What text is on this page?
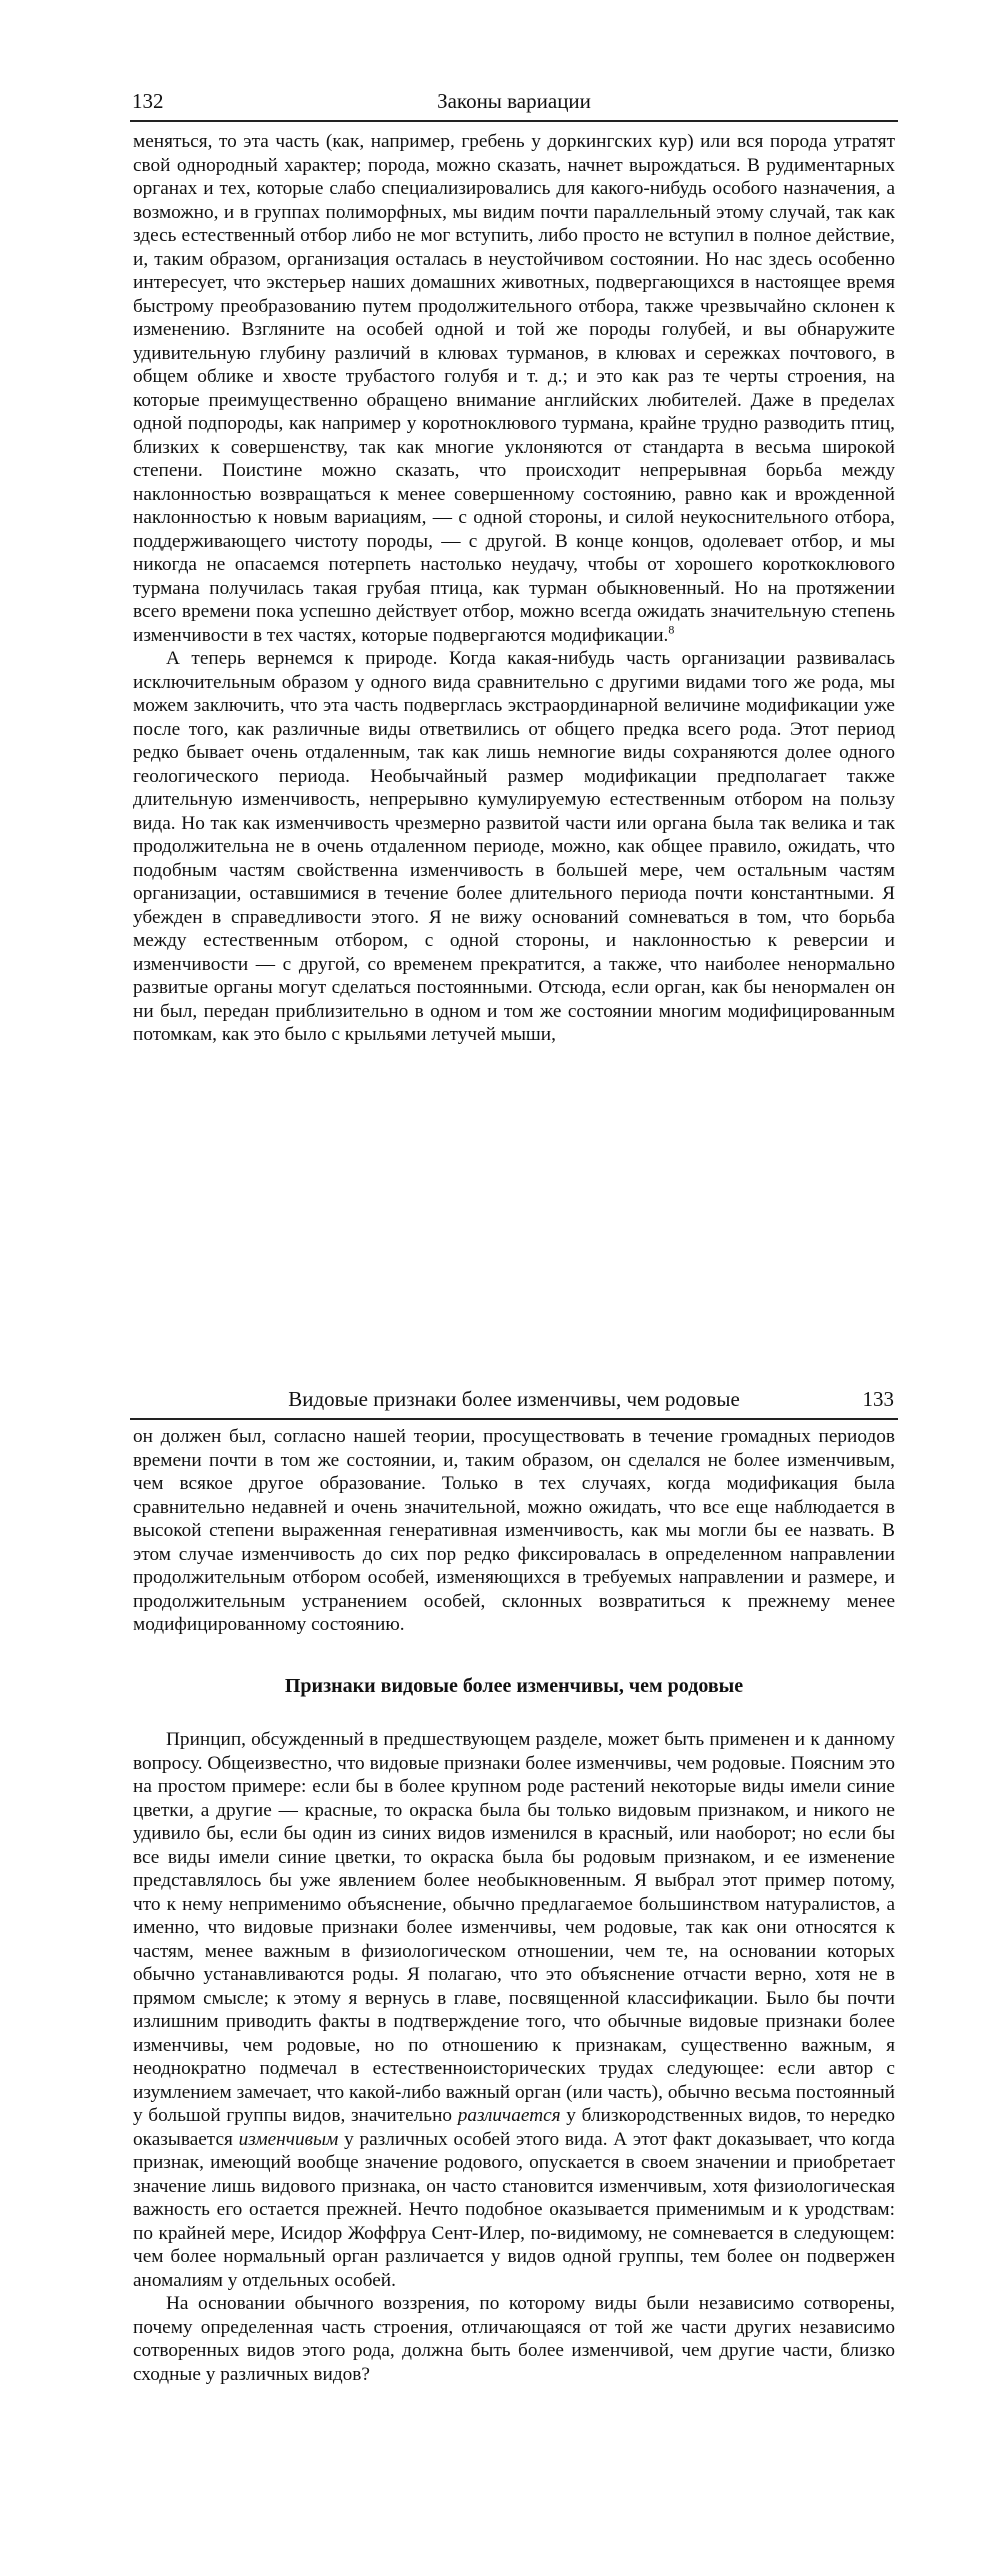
132	Законы вариации

меняться, то эта часть (как, например, гребень у доркингских кур) или вся порода утратят свой однородный характер; порода, можно сказать, начнет вырождаться. В рудиментарных органах и тех, которые слабо специализировались для какого-нибудь особого назначения, а возможно, и в группах полиморфных, мы видим почти параллельный этому случай, так как здесь естественный отбор либо не мог вступить, либо просто не вступил в полное действие, и, таким образом, организация осталась в неустойчивом состоянии. Но нас здесь особенно интересует, что экстерьер наших домашних животных, подвергающихся в настоящее время быстрому преобразованию путем продолжительного отбора, также чрезвычайно склонен к изменению. Взгляните на особей одной и той же породы голубей, и вы обнаружите удивительную глубину различий в клювах турманов, в клювах и сережках почтового, в общем облике и хвосте трубастого голубя и т. д.; и это как раз те черты строения, на которые преимущественно обращено внимание английских любителей. Даже в пределах одной подпороды, как например у коротноклювого турмана, крайне трудно разводить птиц, близких к совершенству, так как многие уклоняются от стандарта в весьма широкой степени. Поистине можно сказать, что происходит непрерывная борьба между наклонностью возвращаться к менее совершенному состоянию, равно как и врожденной наклонностью к новым вариациям, — с одной стороны, и силой неукоснительного отбора, поддерживающего чистоту породы, — с другой. В конце концов, одолевает отбор, и мы никогда не опасаемся потерпеть настолько неудачу, чтобы от хорошего короткоклювого турмана получилась такая грубая птица, как турман обыкновенный. Но на протяжении всего времени пока успешно действует отбор, можно всегда ожидать значительную степень изменчивости в тех частях, которые подвергаются модификации.$^8$

А теперь вернемся к природе. Когда какая-нибудь часть организации развивалась исключительным образом у одного вида сравнительно с другими видами того же рода, мы можем заключить, что эта часть подверглась экстраординарной величине модификации уже после того, как различные виды ответвились от общего предка всего рода. Этот период редко бывает очень отдаленным, так как лишь немногие виды сохраняются долее одного геологического периода. Необычайный размер модификации предполагает также длительную изменчивость, непрерывно кумулируемую естественным отбором на пользу вида. Но так как изменчивость чрезмерно развитой части или органа была так велика и так продолжительна не в очень отдаленном периоде, можно, как общее правило, ожидать, что подобным частям свойственна изменчивость в большей мере, чем остальным частям организации, оставшимися в течение более длительного периода почти константными. Я убежден в справедливости этого. Я не вижу оснований сомневаться в том, что борьба между естественным отбором, с одной стороны, и наклонностью к реверсии и изменчивости — с другой, со временем прекратится, а также, что наиболее ненормально развитые органы могут сделаться постоянными. Отсюда, если орган, как бы ненормален он ни был, передан приблизительно в одном и том же состоянии многим модифицированным потомкам, как это было с крыльями летучей мыши,

Видовые признаки более изменчивы, чем родовые	133

он должен был, согласно нашей теории, просуществовать в течение громадных периодов времени почти в том же состоянии, и, таким образом, он сделался не более изменчивым, чем всякое другое образование. Только в тех случаях, когда модификация была сравнительно недавней и очень значительной, можно ожидать, что все еще наблюдается в высокой степени выраженная генеративная изменчивость, как мы могли бы ее назвать. В этом случае изменчивость до сих пор редко фиксировалась в определенном направлении продолжительным отбором особей, изменяющихся в требуемых направлении и размере, и продолжительным устранением особей, склонных возвратиться к прежнему менее модифицированному состоянию.

Признаки видовые более изменчивы, чем родовые

Принцип, обсужденный в предшествующем разделе, может быть применен и к данному вопросу. Общеизвестно, что видовые признаки более изменчивы, чем родовые. Поясним это на простом примере: если бы в более крупном роде растений некоторые виды имели синие цветки, а другие — красные, то окраска была бы только видовым признаком, и никого не удивило бы, если бы один из синих видов изменился в красный, или наоборот; но если бы все виды имели синие цветки, то окраска была бы родовым признаком, и ее изменение представлялось бы уже явлением более необыкновенным. Я выбрал этот пример потому, что к нему неприменимо объяснение, обычно предлагаемое большинством натуралистов, а именно, что видовые признаки более изменчивы, чем родовые, так как они относятся к частям, менее важным в физиологическом отношении, чем те, на основании которых обычно устанавливаются роды. Я полагаю, что это объяснение отчасти верно, хотя не в прямом смысле; к этому я вернусь в главе, посвященной классификации. Было бы почти излишним приводить факты в подтверждение того, что обычные видовые признаки более изменчивы, чем родовые, но по отношению к признакам, существенно важным, я неоднократно подмечал в естественноисторических трудах следующее: если автор с изумлением замечает, что какой-либо важный орган (или часть), обычно весьма постоянный у большой группы видов, значительно различается у близкородственных видов, то нередко оказывается изменчивым у различных особей этого вида. А этот факт доказывает, что когда признак, имеющий вообще значение родового, опускается в своем значении и приобретает значение лишь видового признака, он часто становится изменчивым, хотя физиологическая важность его остается прежней. Нечто подобное оказывается применимым и к уродствам: по крайней мере, Исидор Жоффруа Сент-Илер, по-видимому, не сомневается в следующем: чем более нормальный орган различается у видов одной группы, тем более он подвержен аномалиям у отдельных особей.

На основании обычного воззрения, по которому виды были независимо сотворены, почему определенная часть строения, отличающаяся от той же части других независимо сотворенных видов этого рода, должна быть более изменчивой, чем другие части, близко сходные у различных видов?
